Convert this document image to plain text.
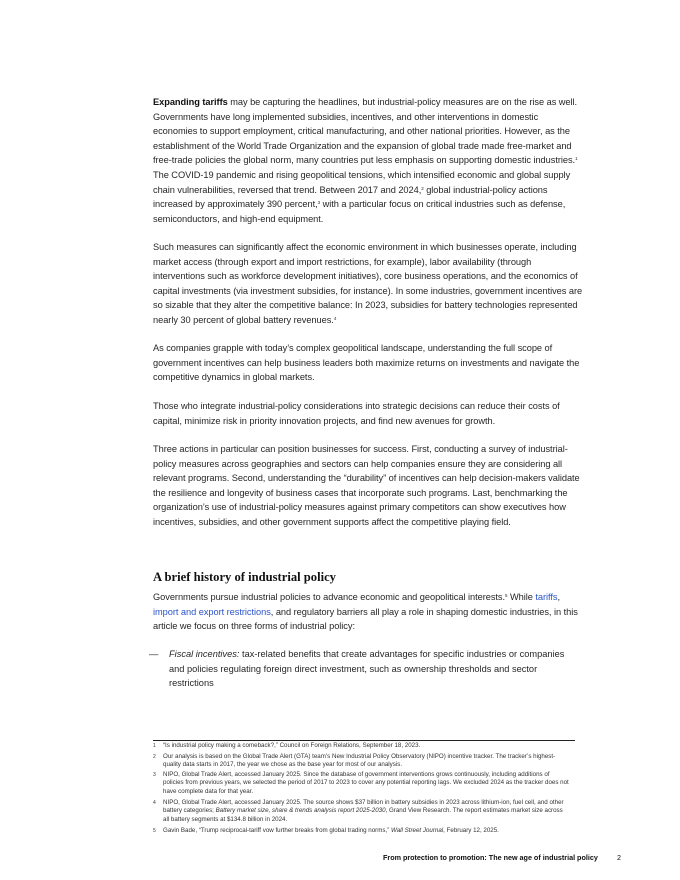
Expanding tariffs may be capturing the headlines, but industrial-policy measures are on the rise as well. Governments have long implemented subsidies, incentives, and other interventions in domestic economies to support employment, critical manufacturing, and other national priorities. However, as the establishment of the World Trade Organization and the expansion of global trade made free-market and free-trade policies the global norm, many countries put less emphasis on supporting domestic industries.$^1$ The COVID-19 pandemic and rising geopolitical tensions, which intensified economic and global supply chain vulnerabilities, reversed that trend. Between 2017 and 2024,$^2$ global industrial-policy actions increased by approximately 390 percent,$^3$ with a particular focus on critical industries such as defense, semiconductors, and high-end equipment.

Such measures can significantly affect the economic environment in which businesses operate, including market access (through export and import restrictions, for example), labor availability (through interventions such as workforce development initiatives), core business operations, and the economics of capital investments (via investment subsidies, for instance). In some industries, government incentives are so sizable that they alter the competitive balance: In 2023, subsidies for battery technologies represented nearly 30 percent of global battery revenues.$^4$

As companies grapple with today’s complex geopolitical landscape, understanding the full scope of government incentives can help business leaders both maximize returns on investments and navigate the competitive dynamics in global markets.

Those who integrate industrial-policy considerations into strategic decisions can reduce their costs of capital, minimize risk in priority innovation projects, and find new avenues for growth.

Three actions in particular can position businesses for success. First, conducting a survey of industrial-policy measures across geographies and sectors can help companies ensure they are considering all relevant programs. Second, understanding the “durability” of incentives can help decision-makers validate the resilience and longevity of business cases that incorporate such programs. Last, benchmarking the organization’s use of industrial-policy measures against primary competitors can show executives how incentives, subsidies, and other government supports affect the competitive playing field.

A brief history of industrial policy

Governments pursue industrial policies to advance economic and geopolitical interests.$^5$ While tariffs, import and export restrictions, and regulatory barriers all play a role in shaping domestic industries, in this article we focus on three forms of industrial policy:

— Fiscal incentives: tax-related benefits that create advantages for specific industries or companies and policies regulating foreign direct investment, such as ownership thresholds and sector restrictions
1 “Is industrial policy making a comeback?,” Council on Foreign Relations, September 18, 2023.
2 Our analysis is based on the Global Trade Alert (GTA) team’s New Industrial Policy Observatory (NIPO) incentive tracker. The tracker’s highest-quality data starts in 2017, the year we chose as the base year for most of our analysis.
3 NIPO, Global Trade Alert, accessed January 2025. Since the database of government interventions grows continuously, including additions of policies from previous years, we selected the period of 2017 to 2023 to cover any potential reporting lags. We excluded 2024 as the tracker does not have complete data for that year.
4 NIPO, Global Trade Alert, accessed January 2025. The source shows $37 billion in battery subsidies in 2023 across lithium-ion, fuel cell, and other battery categories; Battery market size, share & trends analysis report 2025-2030, Grand View Research. The report estimates market size across all battery segments at $134.8 billion in 2024.
5 Gavin Bade, “Trump reciprocal-tariff vow further breaks from global trading norms,” Wall Street Journal, February 12, 2025.
From protection to promotion: The new age of industrial policy	2
